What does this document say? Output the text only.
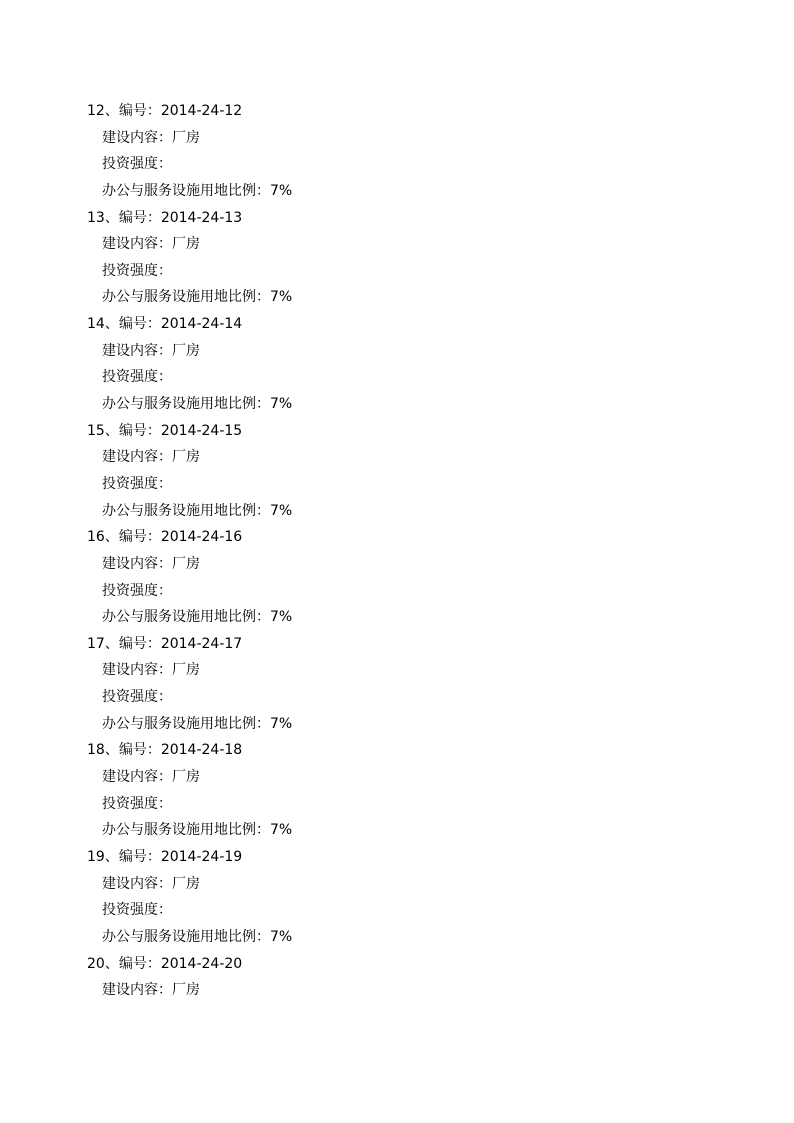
12、编号：2014-24-12
建设内容：厂房
投资强度：
办公与服务设施用地比例：7%
13、编号：2014-24-13
建设内容：厂房
投资强度：
办公与服务设施用地比例：7%
14、编号：2014-24-14
建设内容：厂房
投资强度：
办公与服务设施用地比例：7%
15、编号：2014-24-15
建设内容：厂房
投资强度：
办公与服务设施用地比例：7%
16、编号：2014-24-16
建设内容：厂房
投资强度：
办公与服务设施用地比例：7%
17、编号：2014-24-17
建设内容：厂房
投资强度：
办公与服务设施用地比例：7%
18、编号：2014-24-18
建设内容：厂房
投资强度：
办公与服务设施用地比例：7%
19、编号：2014-24-19
建设内容：厂房
投资强度：
办公与服务设施用地比例：7%
20、编号：2014-24-20
建设内容：厂房
